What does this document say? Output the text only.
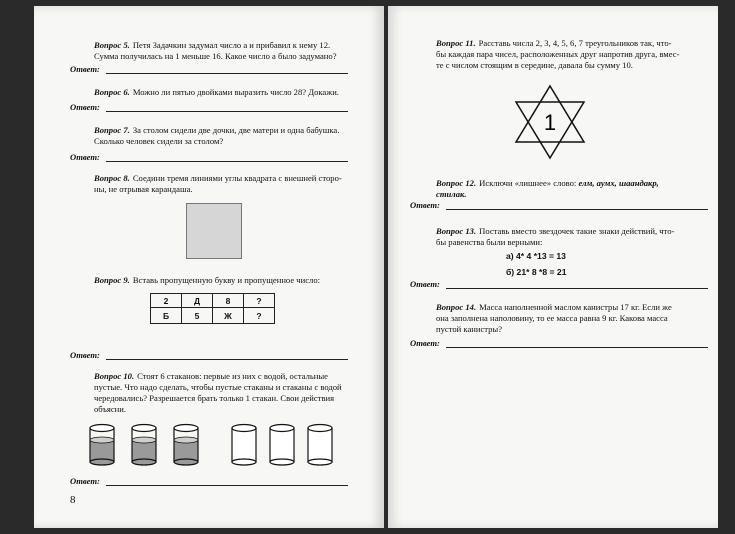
Вопрос 5. Петя Задачкин задумал число а и прибавил к нему 12.
Сумма получилась на 1 меньше 16. Какое число а было задумано?
Ответ:
Вопрос 6. Можно ли пятью двойками выразить число 28? Докажи.
Ответ:
Вопрос 7. За столом сидели две дочки, две матери и одна бабушка.
Сколько человек сидели за столом?
Ответ:
Вопрос 8. Соедини тремя линиями углы квадрата с внешней сторо-
ны, не отрывая карандаша.
Вопрос 9. Вставь пропущенную букву и пропущенное число:
2	Д	8	?
Б	5	Ж	?
Ответ:
Вопрос 10. Стоят 6 стаканов: первые из них с водой, остальные
пустые. Что надо сделать, чтобы пустые стаканы и стаканы с водой
чередовались? Разрешается брать только 1 стакан. Свои действия
объясни.
Ответ:
8
Вопрос 11. Расставь числа 2, 3, 4, 5, 6, 7 треугольников так, что-
бы каждая пара чисел, расположенных друг напротив друга, вмес-
те с числом стоящим в середине, давала бы сумму 10.
1
Вопрос 12. Исключи «лишнее» слово: елм, аумх, шаандакр,
стилак.
Ответ:
Вопрос 13. Поставь вместо звездочек такие знаки действий, что-
бы равенства были верными:
а) 4* 4 *13 = 13
б) 21* 8 *8 = 21
Ответ:
Вопрос 14. Масса наполненной маслом канистры 17 кг. Если же
она заполнена наполовину, то ее масса равна 9 кг. Какова масса
пустой канистры?
Ответ:
